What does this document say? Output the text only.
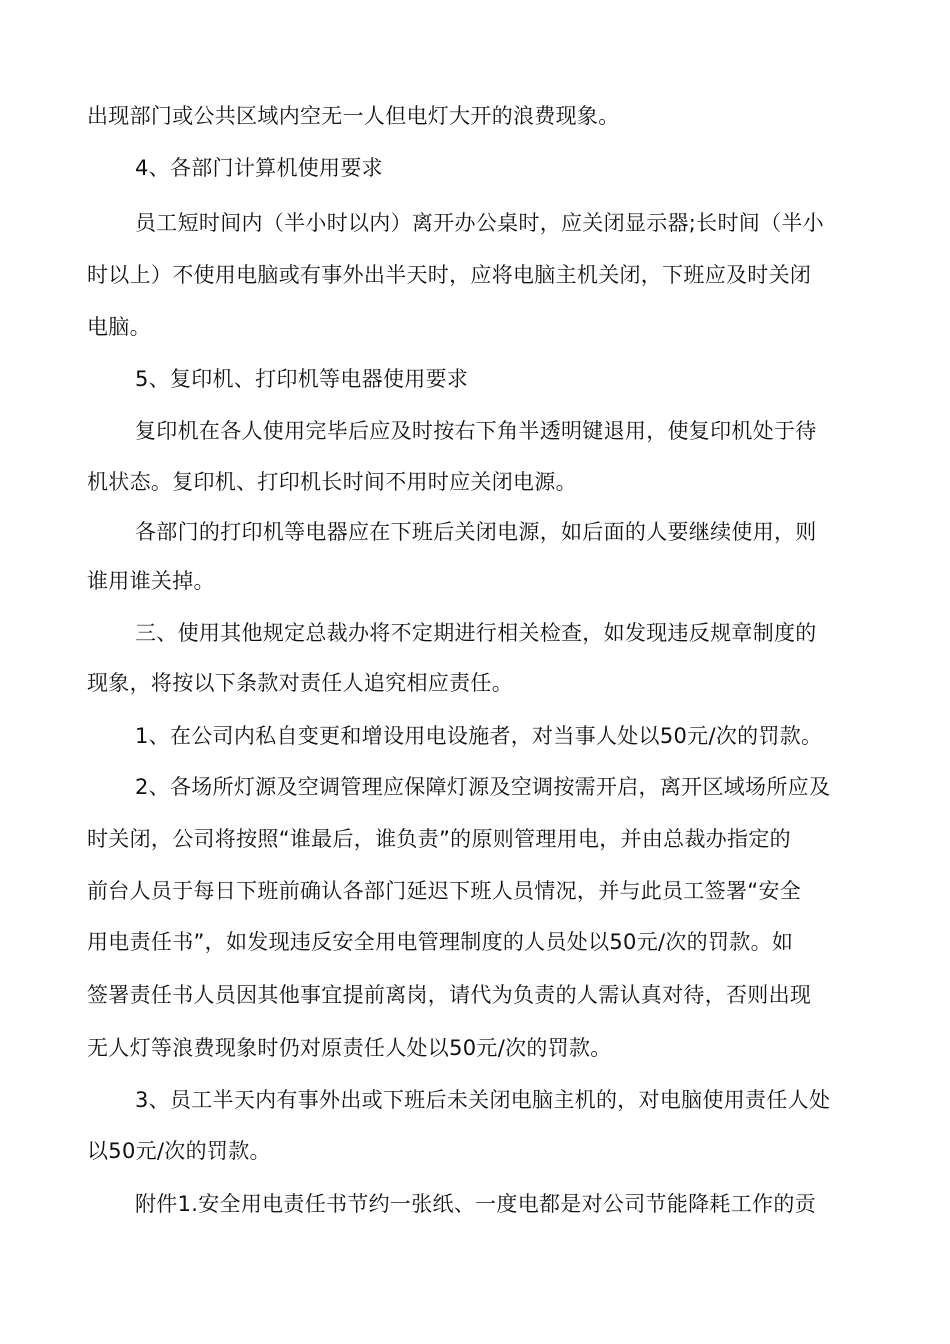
出现部门或公共区域内空无一人但电灯大开的浪费现象。
4、各部门计算机使用要求
员工短时间内（半小时以内）离开办公桌时，应关闭显示器;长时间（半小
时以上）不使用电脑或有事外出半天时，应将电脑主机关闭，下班应及时关闭
电脑。
5、复印机、打印机等电器使用要求
复印机在各人使用完毕后应及时按右下角半透明键退用，使复印机处于待
机状态。复印机、打印机长时间不用时应关闭电源。
各部门的打印机等电器应在下班后关闭电源，如后面的人要继续使用，则
谁用谁关掉。
三、使用其他规定总裁办将不定期进行相关检查，如发现违反规章制度的
现象，将按以下条款对责任人追究相应责任。
1、在公司内私自变更和增设用电设施者，对当事人处以50元/次的罚款。
2、各场所灯源及空调管理应保障灯源及空调按需开启，离开区域场所应及
时关闭，公司将按照“谁最后，谁负责”的原则管理用电，并由总裁办指定的
前台人员于每日下班前确认各部门延迟下班人员情况，并与此员工签署“安全
用电责任书”，如发现违反安全用电管理制度的人员处以50元/次的罚款。如
签署责任书人员因其他事宜提前离岗，请代为负责的人需认真对待，否则出现
无人灯等浪费现象时仍对原责任人处以50元/次的罚款。
3、员工半天内有事外出或下班后未关闭电脑主机的，对电脑使用责任人处
以50元/次的罚款。
附件1.安全用电责任书节约一张纸、一度电都是对公司节能降耗工作的贡
